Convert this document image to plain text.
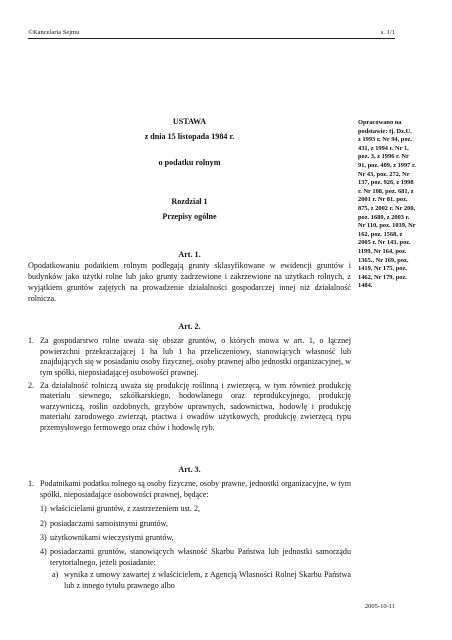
©Kancelaria Sejmu	s. 1/1
USTAWA
z dnia 15 listopada 1984 r.
o podatku rolnym
Rozdział 1
Przepisy ogólne
Opracowano na podstawie: tj. Dz.U. z 1993 r. Nr 94, poz. 431, z 1994 r. Nr 1, poz. 3, z 1996 r. Nr 91, poz. 409, z 1997 r. Nr 43, poz. 272, Nr 137, poz. 926, z 1998 r. Nr 108, poz. 681, z 2001 r. Nr 81, poz. 875, z 2002 r. Nr 200, poz. 1680, z 2003 r. Nr 110, poz. 1039, Nr 162, poz. 1568, z 2005 r. Nr 143, poz. 1199, Nr 164, poz. 1365., Nr 169, poz. 1419, Nr 175, poz. 1462, Nr 179, poz. 1484.
Art. 1.
Opodatkowaniu podatkiem rolnym podlegają grunty sklasyfikowane w ewidencji gruntów i budynków jako użytki rolne lub jako grunty zadrzewione i zakrzewione na użytkach rolnych, z wyjątkiem gruntów zajętych na prowadzenie działalności gospodarczej innej niż działalność rolnicza.
Art. 2.
1. Za gospodarstwo rolne uważa się obszar gruntów, o których mowa w art. 1, o łącznej powierzchni przekraczającej 1 ha lub 1 ha przeliczeniowy, stanowiących własność lub znajdujących się w posiadaniu osoby fizycznej, osoby prawnej albo jednostki organizacyjnej, w tym spółki, nieposiadającej osobowości prawnej.
2. Za działalność rolniczą uważa się produkcję roślinną i zwierzęcą, w tym również produkcję materiału siewnego, szkółkarskiego, hodowlanego oraz reprodukcyjnego, produkcję warzywniczą, roślin ozdobnych, grzybów uprawnych, sadownictwa, hodowlę i produkcję materiału zarodowego zwierząt, ptactwa i owadów użytkowych, produkcję zwierzęcą typu przemysłowego fermowego oraz chów i hodowlę ryb.
Art. 3.
1. Podatnikami podatku rolnego są osoby fizyczne, osoby prawne, jednostki organizacyjne, w tym spółki, nieposiadające osobowości prawnej, będące:
1) właścicielami gruntów, z zastrzeżeniem ust. 2,
2) posiadaczami samoistnymi gruntów,
3) użytkownikami wieczystymi gruntów,
4) posiadaczami gruntów, stanowiących własność Skarbu Państwa lub jednostki samorządu terytorialnego, jeżeli posiadanie:
a) wynika z umowy zawartej z właścicielem, z Agencją Własności Rolnej Skarbu Państwa lub z innego tytułu prawnego albo
2005-10-11
